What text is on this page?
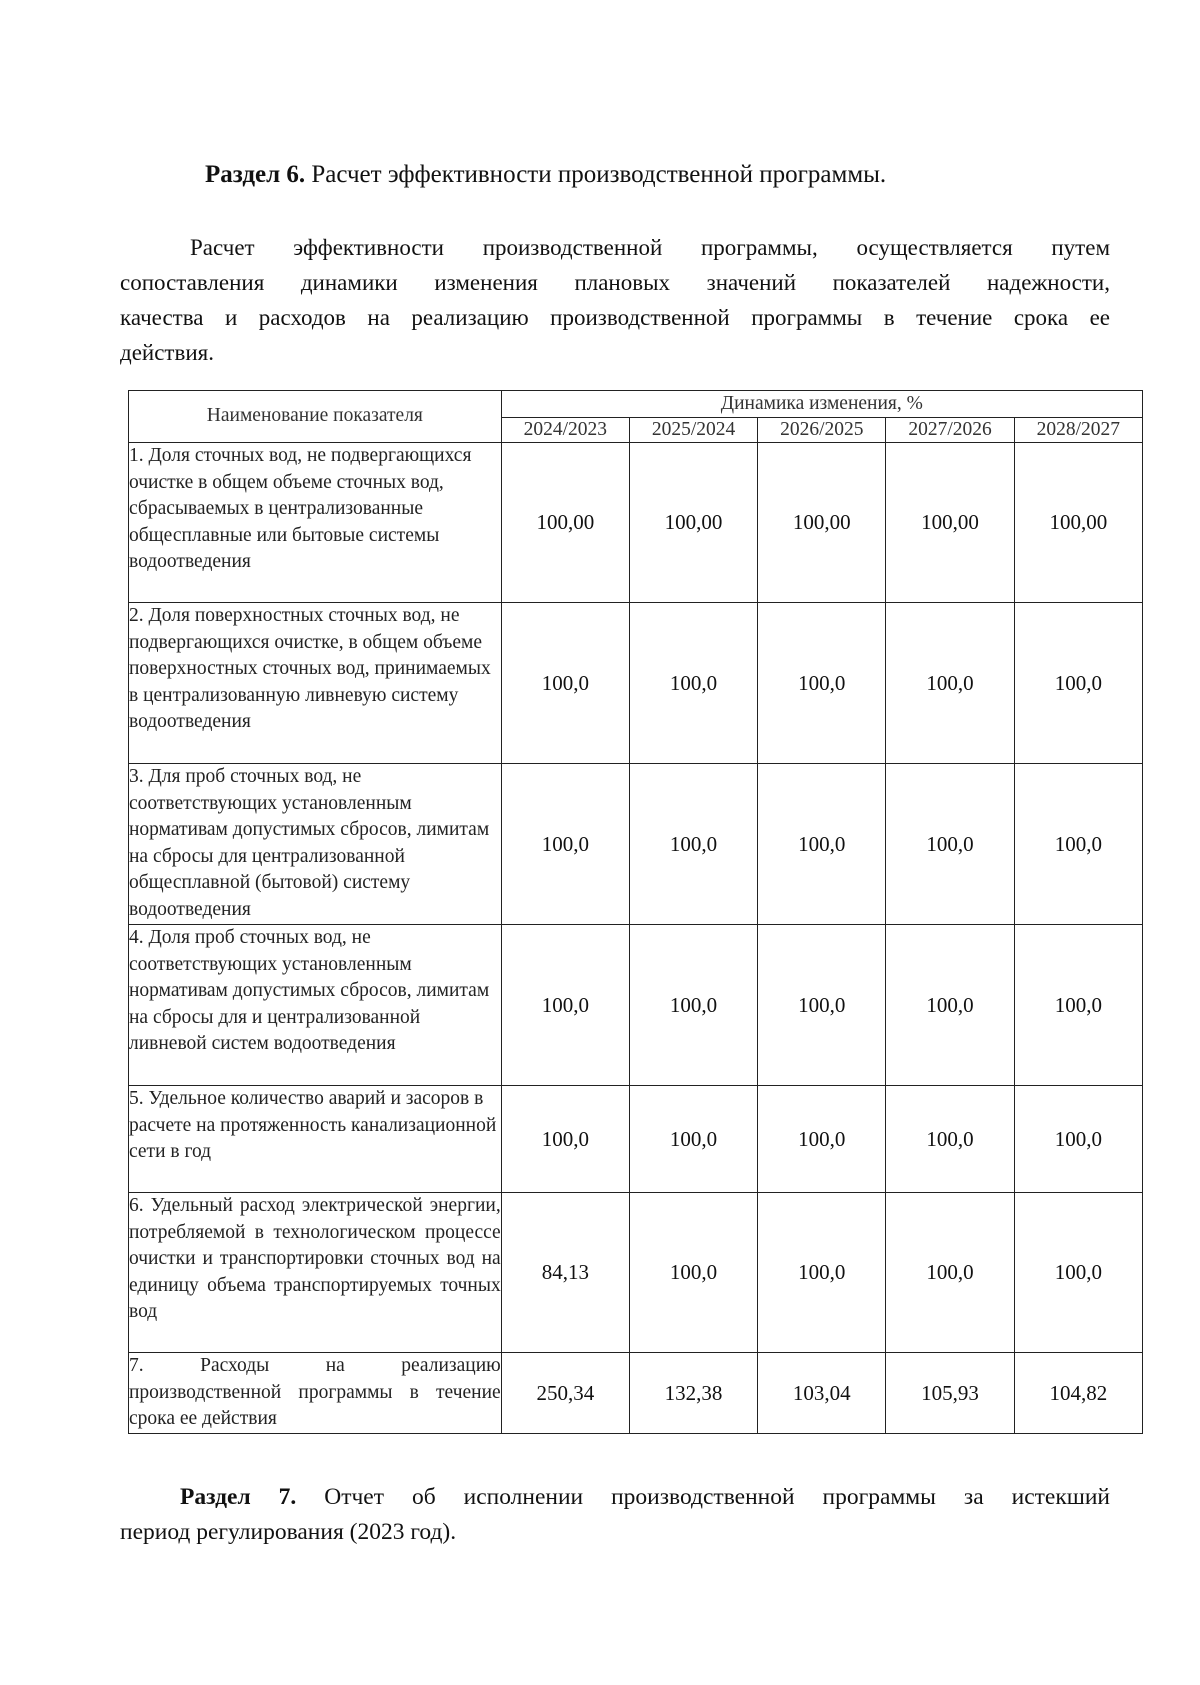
Раздел 6. Расчет эффективности производственной программы.
Расчет эффективности производственной программы, осуществляется путем
сопоставления динамики изменения плановых значений показателей надежности,
качества и расходов на реализацию производственной программы в течение срока ее
действия.
Наименование показателя	Динамика изменения, %				
	2024/2023	2025/2024	2026/2025	2027/2026	2028/2027
1. Доля сточных вод, не подвергающихся очистке в общем объеме сточных вод, сбрасываемых в централизованные общесплавные или бытовые системы водоотведения	100,00	100,00	100,00	100,00	100,00
2. Доля поверхностных сточных вод, не подвергающихся очистке, в общем объеме поверхностных сточных вод, принимаемых в централизованную ливневую систему водоотведения	100,0	100,0	100,0	100,0	100,0
3. Для проб сточных вод, не соответствующих установленным нормативам допустимых сбросов, лимитам на сбросы для централизованной общесплавной (бытовой) систему водоотведения	100,0	100,0	100,0	100,0	100,0
4. Доля проб сточных вод, не соответствующих установленным нормативам допустимых сбросов, лимитам на сбросы для и централизованной ливневой систем водоотведения	100,0	100,0	100,0	100,0	100,0
5. Удельное количество аварий и засоров в расчете на протяженность канализационной сети в год	100,0	100,0	100,0	100,0	100,0
6. Удельный расход электрической энергии, потребляемой в технологическом процессе очистки и транспортировки сточных вод на единицу объема транспортируемых точных вод	84,13	100,0	100,0	100,0	100,0
7. Расходы на реализацию производственной программы в течение срока ее действия	250,34	132,38	103,04	105,93	104,82
Раздел 7. Отчет об исполнении производственной программы за истекший
период регулирования (2023 год).
